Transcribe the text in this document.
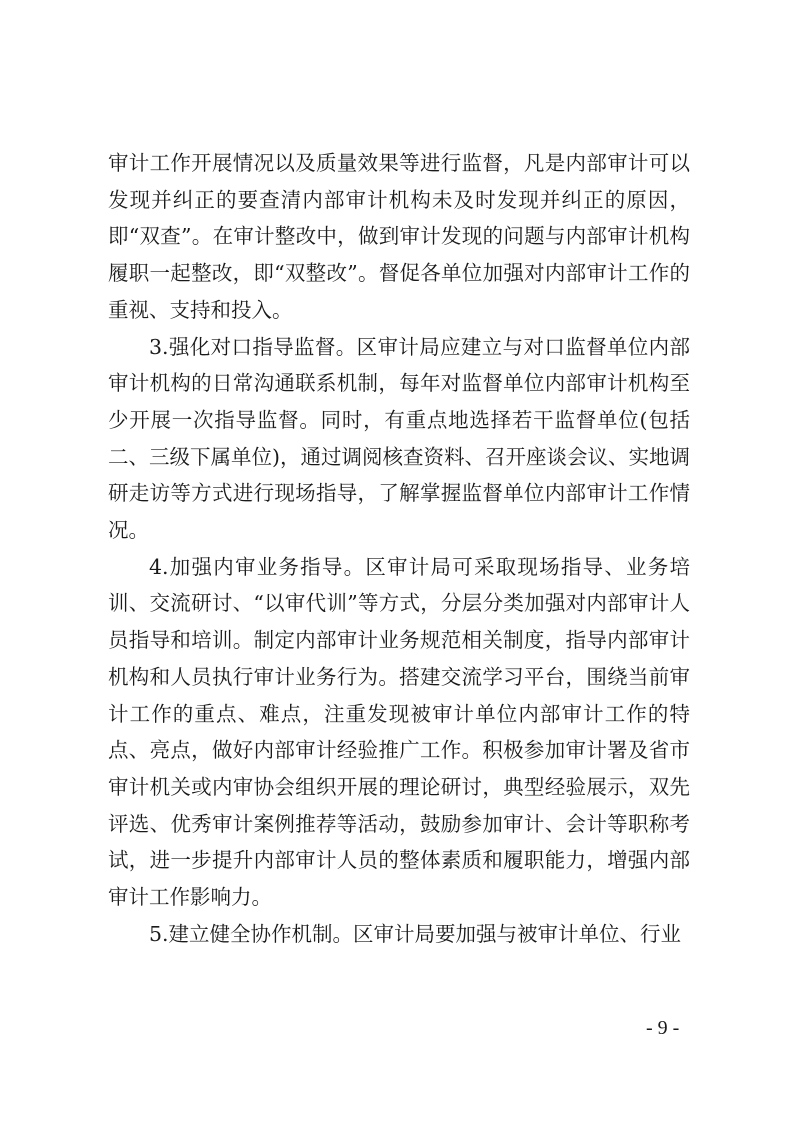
审计工作开展情况以及质量效果等进行监督，凡是内部审计可以发现并纠正的要查清内部审计机构未及时发现并纠正的原因，即“双查”。在审计整改中，做到审计发现的问题与内部审计机构履职一起整改，即“双整改”。督促各单位加强对内部审计工作的重视、支持和投入。

3.强化对口指导监督。区审计局应建立与对口监督单位内部审计机构的日常沟通联系机制，每年对监督单位内部审计机构至少开展一次指导监督。同时，有重点地选择若干监督单位(包括二、三级下属单位)，通过调阅核查资料、召开座谈会议、实地调研走访等方式进行现场指导，了解掌握监督单位内部审计工作情况。

4.加强内审业务指导。区审计局可采取现场指导、业务培训、交流研讨、“以审代训”等方式，分层分类加强对内部审计人员指导和培训。制定内部审计业务规范相关制度，指导内部审计机构和人员执行审计业务行为。搭建交流学习平台，围绕当前审计工作的重点、难点，注重发现被审计单位内部审计工作的特点、亮点，做好内部审计经验推广工作。积极参加审计署及省市审计机关或内审协会组织开展的理论研讨，典型经验展示，双先评选、优秀审计案例推荐等活动，鼓励参加审计、会计等职称考试，进一步提升内部审计人员的整体素质和履职能力，增强内部审计工作影响力。

5.建立健全协作机制。区审计局要加强与被审计单位、行业

- 9 -
